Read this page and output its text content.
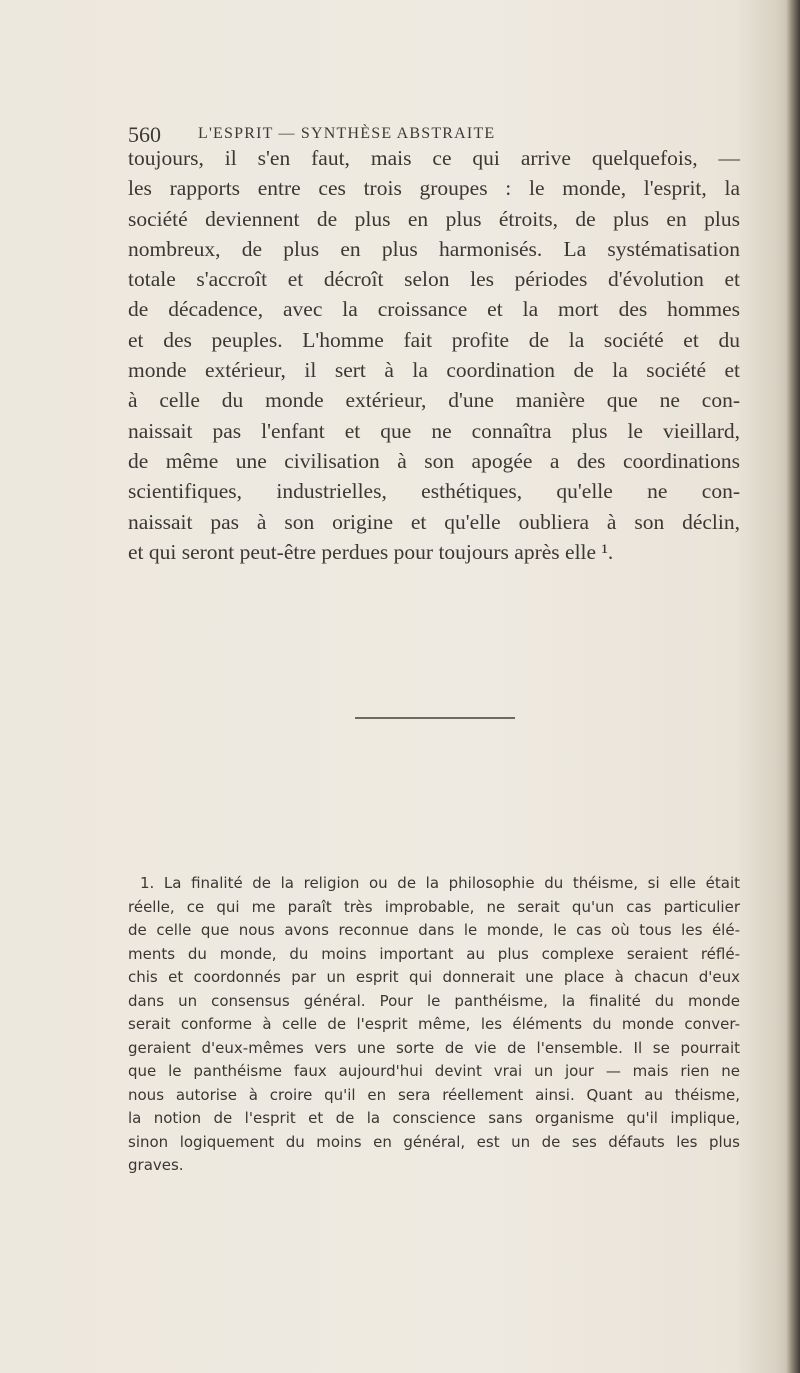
560 L'ESPRIT — SYNTHÈSE ABSTRAITE
toujours, il s'en faut, mais ce qui arrive quelquefois, —
les rapports entre ces trois groupes : le monde, l'esprit, la
société deviennent de plus en plus étroits, de plus en plus
nombreux, de plus en plus harmonisés. La systématisation
totale s'accroît et décroît selon les périodes d'évolution et
de décadence, avec la croissance et la mort des hommes
et des peuples. L'homme fait profite de la société et du
monde extérieur, il sert à la coordination de la société et
à celle du monde extérieur, d'une manière que ne con-
naissait pas l'enfant et que ne connaîtra plus le vieillard,
de même une civilisation à son apogée a des coordinations
scientifiques, industrielles, esthétiques, qu'elle ne con-
naissait pas à son origine et qu'elle oubliera à son déclin,
et qui seront peut-être perdues pour toujours après elle ¹.
1. La finalité de la religion ou de la philosophie du théisme, si elle était
réelle, ce qui me paraît très improbable, ne serait qu'un cas particulier
de celle que nous avons reconnue dans le monde, le cas où tous les élé-
ments du monde, du moins important au plus complexe seraient réflé-
chis et coordonnés par un esprit qui donnerait une place à chacun d'eux
dans un consensus général. Pour le panthéisme, la finalité du monde
serait conforme à celle de l'esprit même, les éléments du monde conver-
geraient d'eux-mêmes vers une sorte de vie de l'ensemble. Il se pourrait
que le panthéisme faux aujourd'hui devint vrai un jour — mais rien ne
nous autorise à croire qu'il en sera réellement ainsi. Quant au théisme,
la notion de l'esprit et de la conscience sans organisme qu'il implique,
sinon logiquement du moins en général, est un de ses défauts les plus
graves.
